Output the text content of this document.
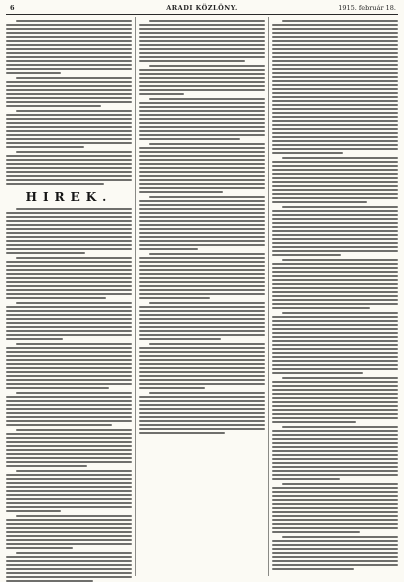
6	ARADI KÖZLÖNY.	1915. február 18.
HIREK.
